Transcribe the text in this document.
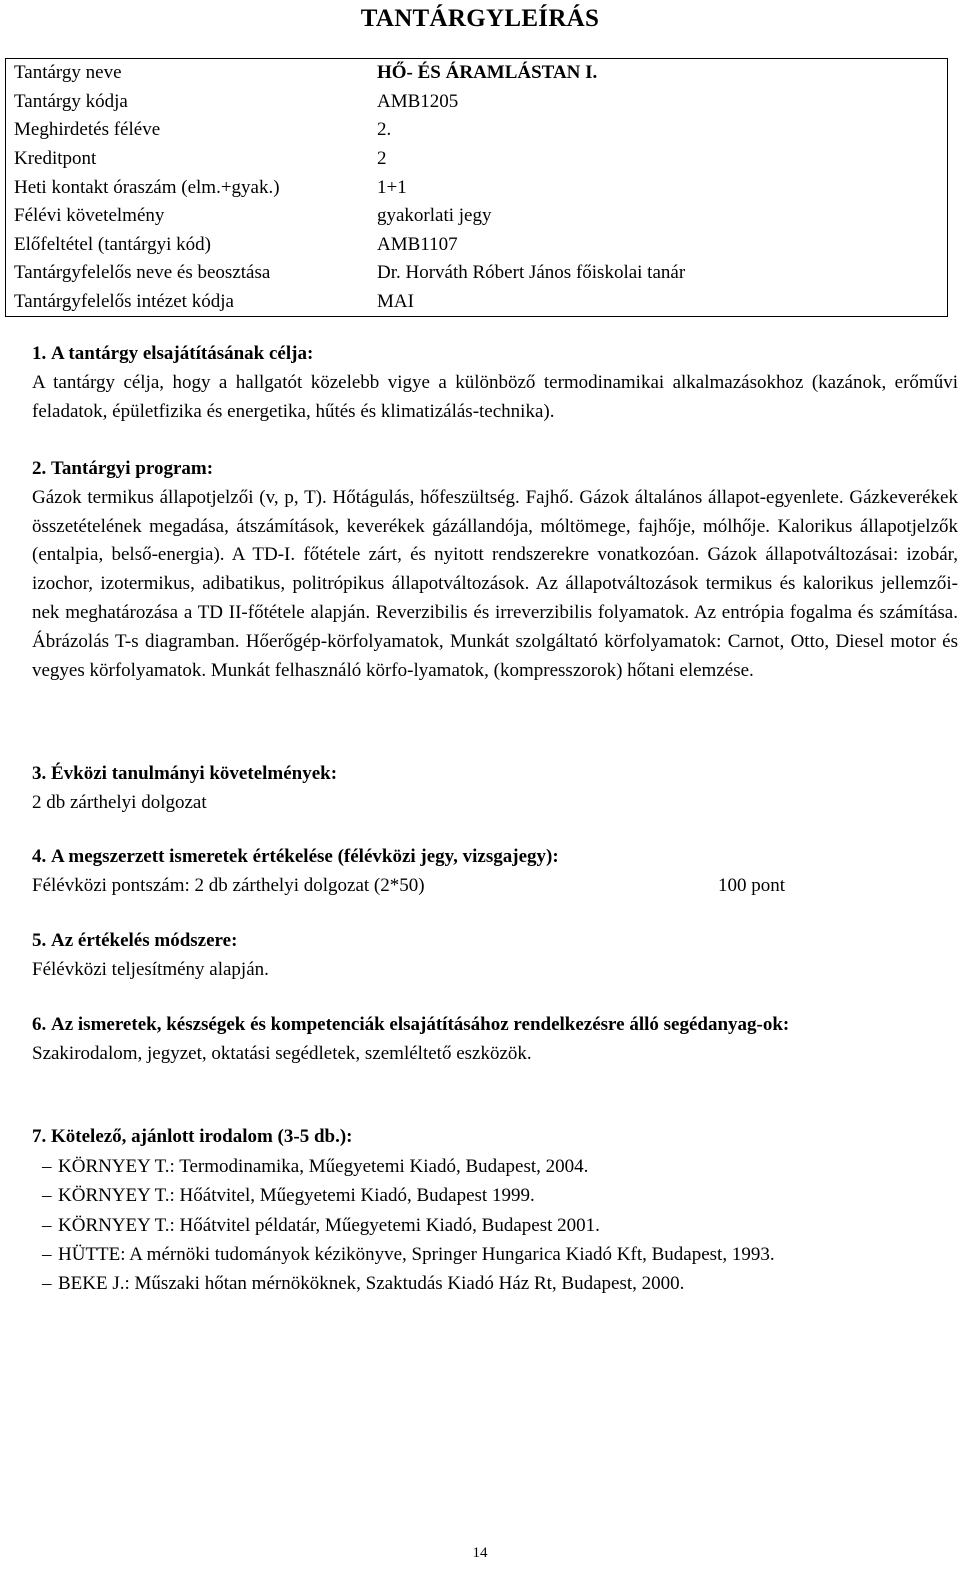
TANTÁRGYLEÍRÁS
Tantárgy neve	HŐ- ÉS ÁRAMLÁSTAN I.
Tantárgy kódja	AMB1205
Meghirdetés féléve	2.
Kreditpont	2
Heti kontakt óraszám (elm.+gyak.)	1+1
Félévi követelmény	gyakorlati jegy
Előfeltétel (tantárgyi kód)	AMB1107
Tantárgyfelelős neve és beosztása	Dr. Horváth Róbert János főiskolai tanár
Tantárgyfelelős intézet kódja	MAI
1. A tantárgy elsajátításának célja:
A tantárgy célja, hogy a hallgatót közelebb vigye a különböző termodinamikai alkalmazásokhoz (kazánok, erőművi feladatok, épületfizika és energetika, hűtés és klimatizálás-technika).
2. Tantárgyi program:
Gázok termikus állapotjelzői (v, p, T). Hőtágulás, hőfeszültség. Fajhő. Gázok általános állapot-egyenlete. Gázkeverékek összetételének megadása, átszámítások, keverékek gázállandója, móltömege, fajhője, mólhője. Kalorikus állapotjelzők (entalpia, belső-energia). A TD-I. főtétele zárt, és nyitott rendszerekre vonatkozóan. Gázok állapotváltozásai: izobár, izochor, izotermikus, adibatikus, politrópikus állapotváltozások. Az állapotváltozások termikus és kalorikus jellemzői-nek meghatározása a TD II-főtétele alapján. Reverzibilis és irreverzibilis folyamatok. Az entrópia fogalma és számítása. Ábrázolás T-s diagramban. Hőerőgép-körfolyamatok, Munkát szolgáltató körfolyamatok: Carnot, Otto, Diesel motor és vegyes körfolyamatok. Munkát felhasználó körfo-lyamatok, (kompresszorok) hőtani elemzése.
3. Évközi tanulmányi követelmények:
2 db zárthelyi dolgozat
4. A megszerzett ismeretek értékelése (félévközi jegy, vizsgajegy):
Félévközi pontszám: 2 db zárthelyi dolgozat (2*50)	100 pont
5. Az értékelés módszere:
Félévközi teljesítmény alapján.
6. Az ismeretek, készségek és kompetenciák elsajátításához rendelkezésre álló segédanyag-ok:
Szakirodalom, jegyzet, oktatási segédletek, szemléltető eszközök.
7. Kötelező, ajánlott irodalom (3-5 db.):
– KÖRNYEY T.: Termodinamika, Műegyetemi Kiadó, Budapest, 2004.
– KÖRNYEY T.: Hőátvitel, Műegyetemi Kiadó, Budapest 1999.
– KÖRNYEY T.: Hőátvitel példatár, Műegyetemi Kiadó, Budapest 2001.
– HÜTTE: A mérnöki tudományok kézikönyve, Springer Hungarica Kiadó Kft, Budapest, 1993.
– BEKE J.: Műszaki hőtan mérnököknek, Szaktudás Kiadó Ház Rt, Budapest, 2000.
14
